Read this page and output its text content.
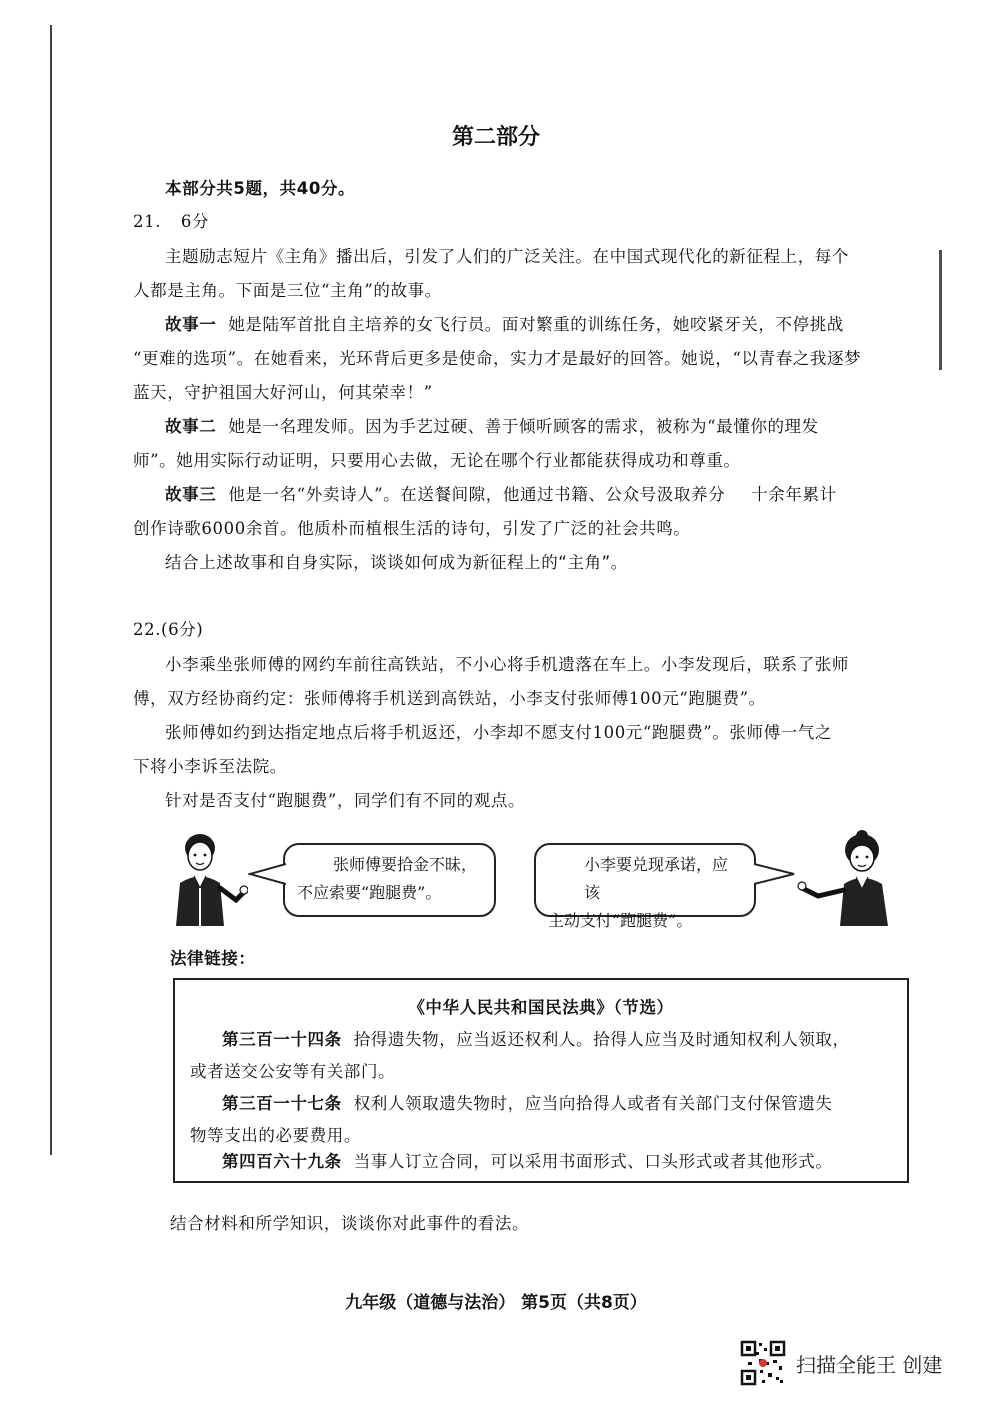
第二部分
本部分共5题，共40分。
21. 6分
主题励志短片《主角》播出后，引发了人们的广泛关注。在中国式现代化的新征程上，每个
人都是主角。下面是三位“主角”的故事。
故事一 她是陆军首批自主培养的女飞行员。面对繁重的训练任务，她咬紧牙关，不停挑战
“更难的选项”。在她看来，光环背后更多是使命，实力才是最好的回答。她说，“以青春之我逐梦
蓝天，守护祖国大好河山，何其荣幸！”
故事二 她是一名理发师。因为手艺过硬、善于倾听顾客的需求，被称为“最懂你的理发
师”。她用实际行动证明，只要用心去做，无论在哪个行业都能获得成功和尊重。
故事三 他是一名“外卖诗人”。在送餐间隙，他通过书籍、公众号汲取养分 十余年累计
创作诗歌6000余首。他质朴而植根生活的诗句，引发了广泛的社会共鸣。
结合上述故事和自身实际，谈谈如何成为新征程上的“主角”。
22.(6分)
小李乘坐张师傅的网约车前往高铁站，不小心将手机遗落在车上。小李发现后，联系了张师
傅，双方经协商约定：张师傅将手机送到高铁站，小李支付张师傅100元“跑腿费”。
张师傅如约到达指定地点后将手机返还，小李却不愿支付100元“跑腿费”。张师傅一气之
下将小李诉至法院。
针对是否支付“跑腿费”，同学们有不同的观点。
张师傅要拾金不昧，
不应索要“跑腿费”。
小李要兑现承诺，应该
主动支付“跑腿费”。
法律链接：
《中华人民共和国民法典》（节选）
第三百一十四条 拾得遗失物，应当返还权利人。拾得人应当及时通知权利人领取，
或者送交公安等有关部门。
第三百一十七条 权利人领取遗失物时，应当向拾得人或者有关部门支付保管遗失
物等支出的必要费用。
第四百六十九条 当事人订立合同，可以采用书面形式、口头形式或者其他形式。
结合材料和所学知识，谈谈你对此事件的看法。
九年级（道德与法治） 第5页（共8页）
扫描全能王 创建
